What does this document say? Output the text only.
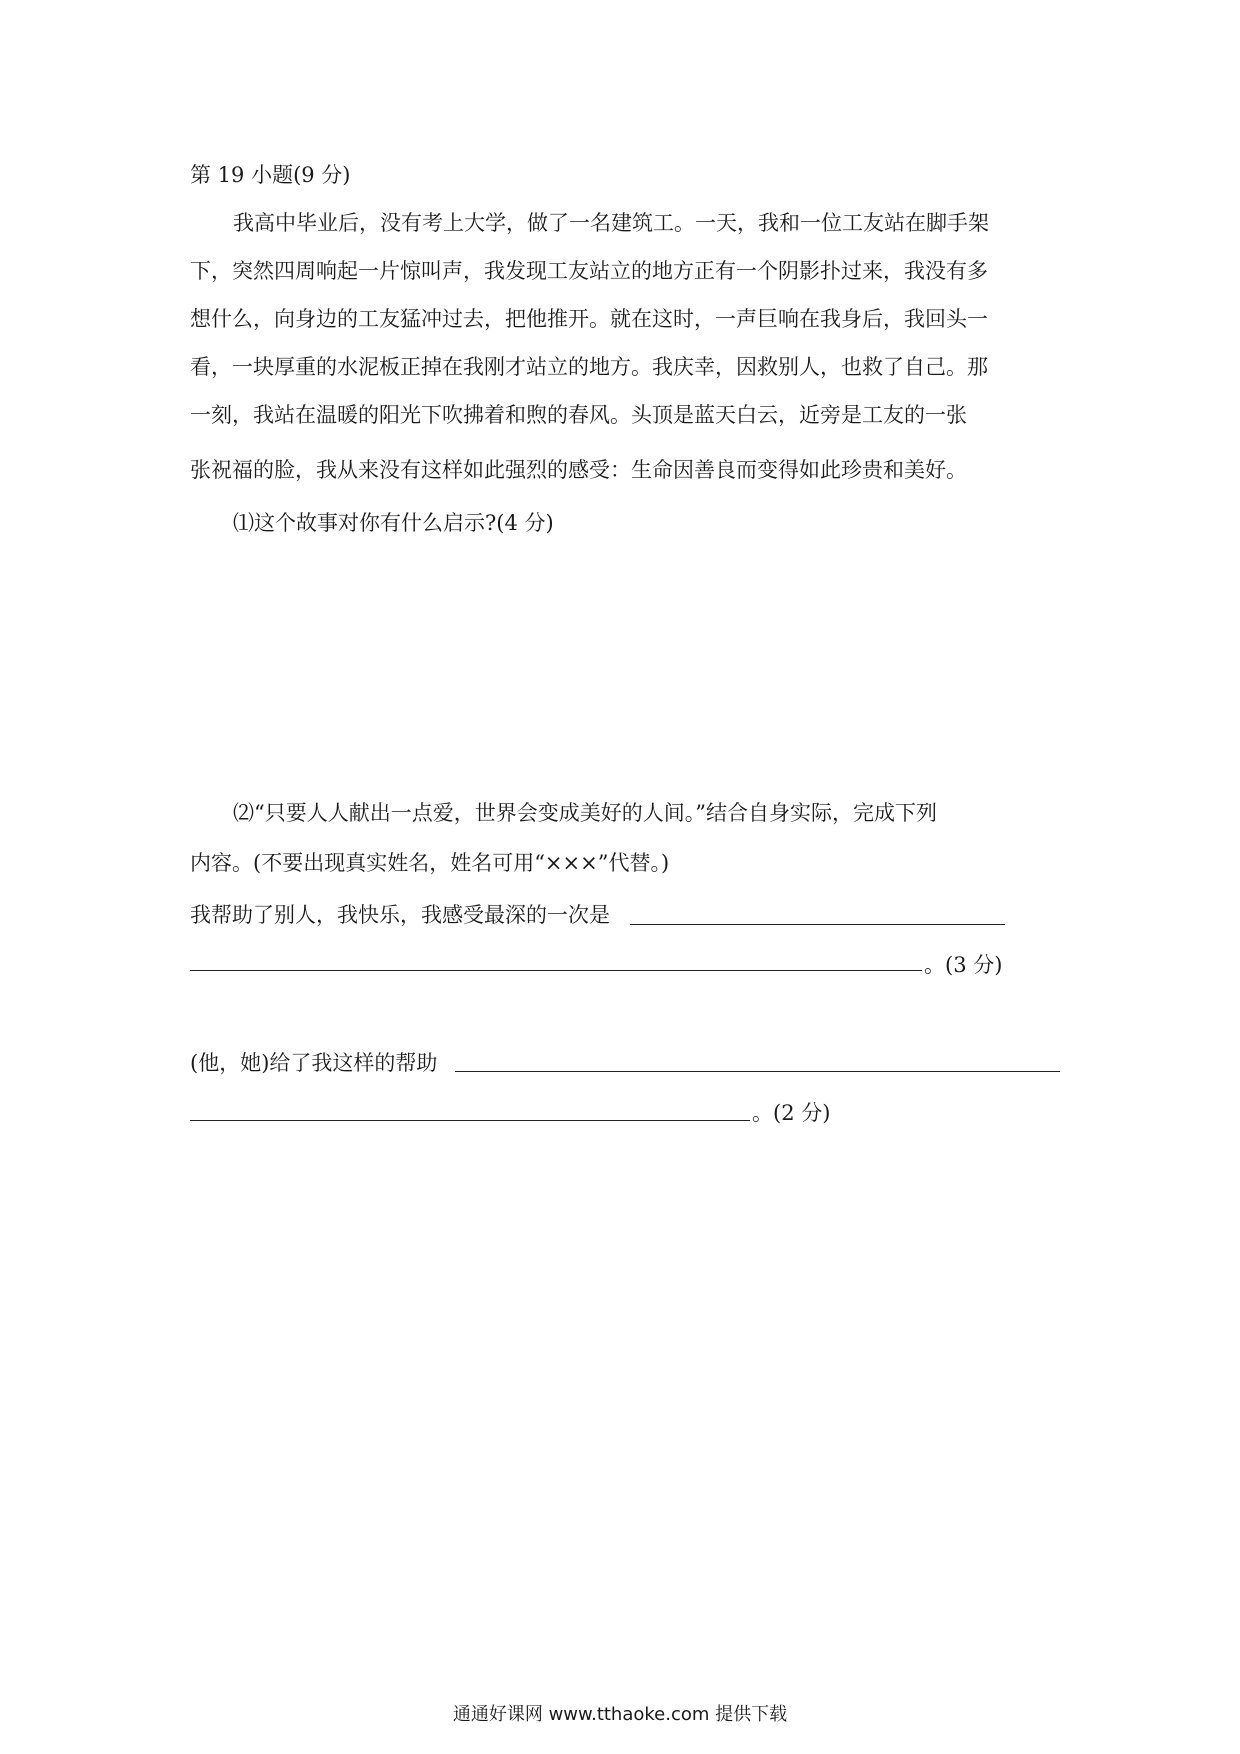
第 19 小题(9 分)
我高中毕业后，没有考上大学，做了一名建筑工。一天，我和一位工友站在脚手架
下，突然四周响起一片惊叫声，我发现工友站立的地方正有一个阴影扑过来，我没有多
想什么，向身边的工友猛冲过去，把他推开。就在这时，一声巨响在我身后，我回头一
看，一块厚重的水泥板正掉在我刚才站立的地方。我庆幸，因救别人，也救了自己。那
一刻，我站在温暖的阳光下吹拂着和煦的春风。头顶是蓝天白云，近旁是工友的一张
张祝福的脸，我从来没有这样如此强烈的感受：生命因善良而变得如此珍贵和美好。
⑴这个故事对你有什么启示?(4 分)
⑵“只要人人献出一点爱，世界会变成美好的人间。”结合自身实际，完成下列
内容。(不要出现真实姓名，姓名可用“×××”代替。)
我帮助了别人，我快乐，我感受最深的一次是
。(3 分)
(他，她)给了我这样的帮助
。(2 分)
通通好课网 www.tthaoke.com 提供下载
